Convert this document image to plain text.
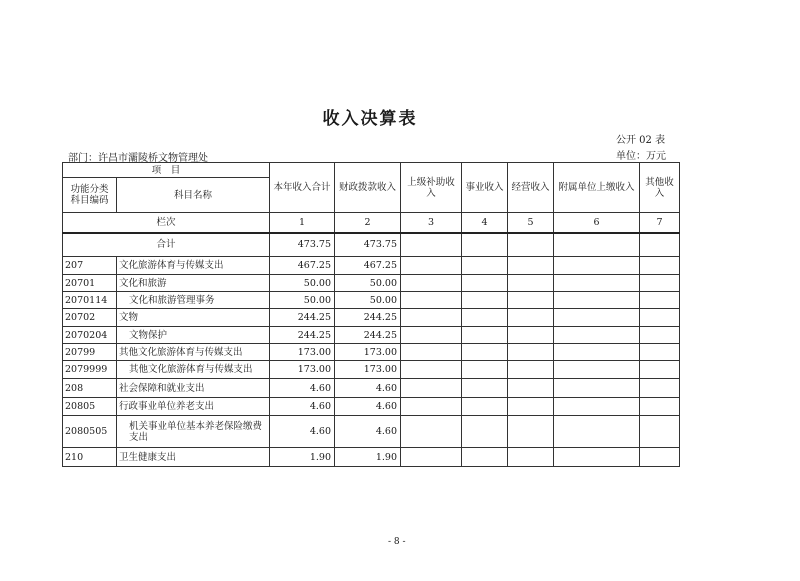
收入决算表
公开 02 表
部门：许昌市灞陵桥文物管理处	单位：万元
项　目		本年收入合计	财政拨款收入	上级补助收入	事业收入	经营收入	附属单位上缴收入	其他收入
功能分类 科目编码	科目名称							
栏次		1	2	3	4	5	6	7
合计		473.75	473.75					
207	文化旅游体育与传媒支出	467.25	467.25					
20701	文化和旅游	50.00	50.00					
2070114	文化和旅游管理事务	50.00	50.00					
20702	文物	244.25	244.25					
2070204	文物保护	244.25	244.25					
20799	其他文化旅游体育与传媒支出	173.00	173.00					
2079999	其他文化旅游体育与传媒支出	173.00	173.00					
208	社会保障和就业支出	4.60	4.60					
20805	行政事业单位养老支出	4.60	4.60					
2080505	机关事业单位基本养老保险缴费支出	4.60	4.60					
210	卫生健康支出	1.90	1.90					
- 8 -
